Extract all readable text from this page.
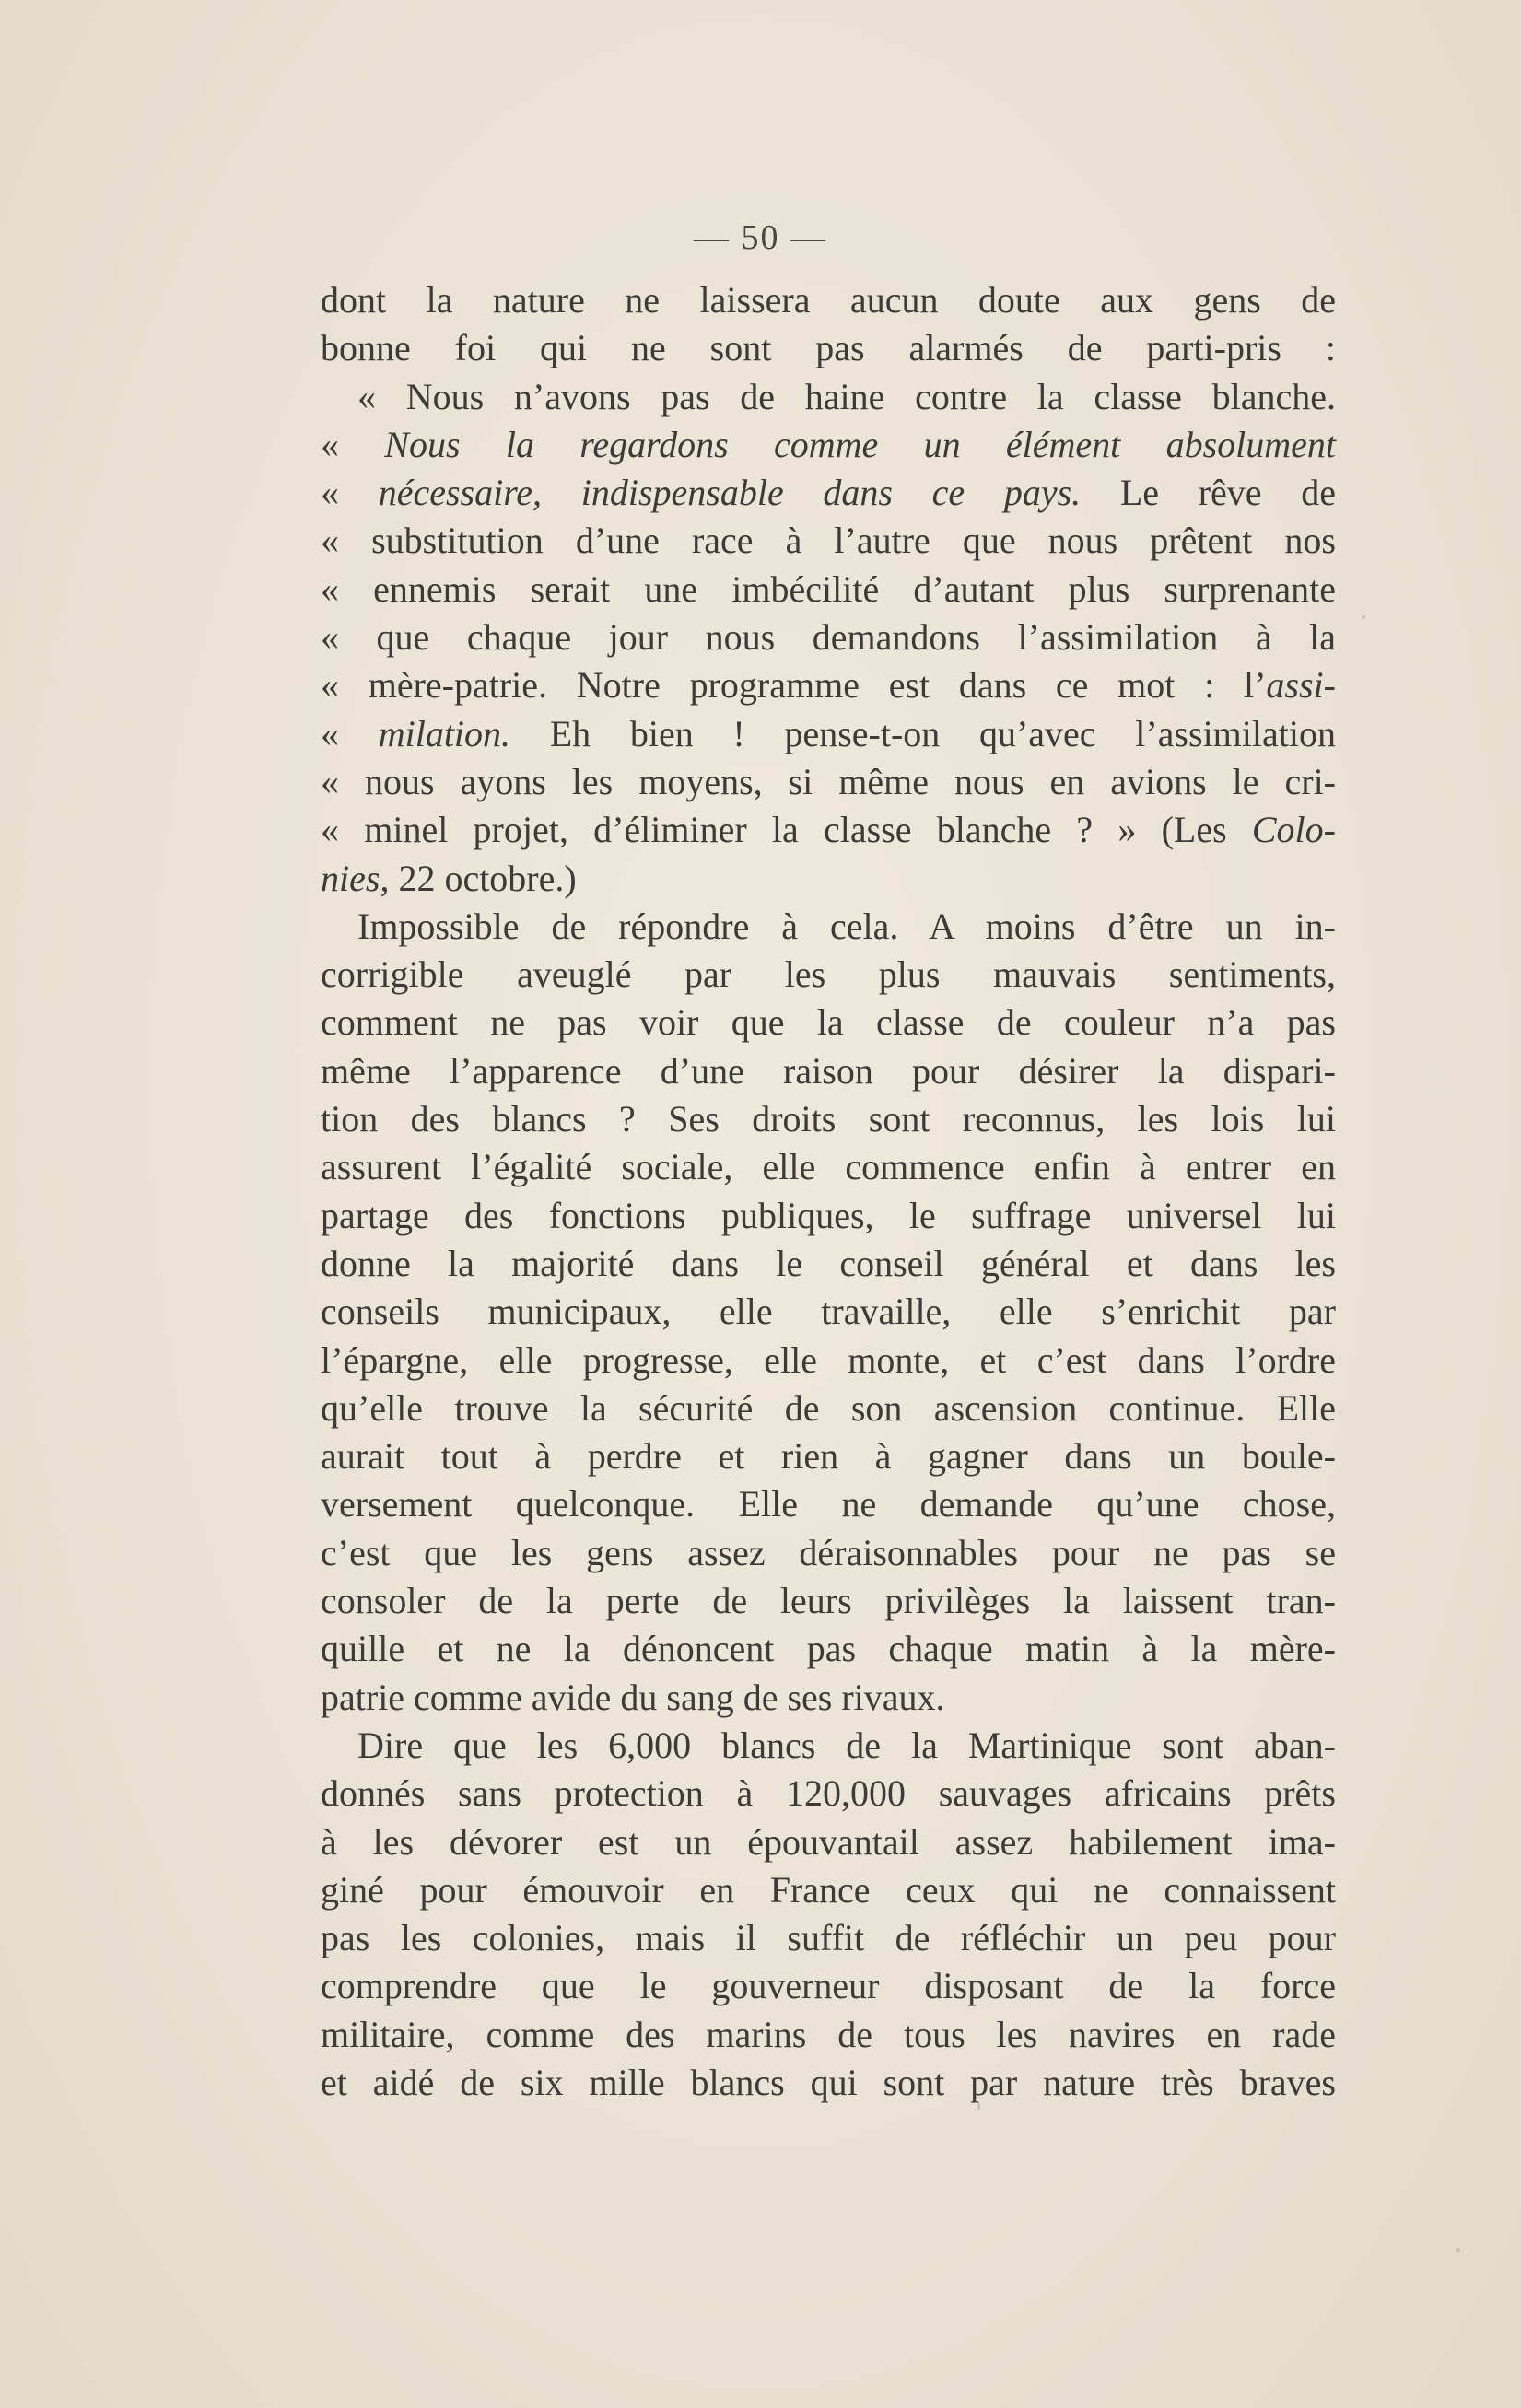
— 50 —
dont la nature ne laissera aucun doute aux gens de
bonne foi qui ne sont pas alarmés de parti-pris :
« Nous n’avons pas de haine contre la classe blanche.
« Nous la regardons comme un élément absolument
« nécessaire, indispensable dans ce pays. Le rêve de
« substitution d’une race à l’autre que nous prêtent nos
« ennemis serait une imbécilité d’autant plus surprenante
« que chaque jour nous demandons l’assimilation à la
« mère-patrie. Notre programme est dans ce mot : l’assi-
« milation. Eh bien ! pense-t-on qu’avec l’assimilation
« nous ayons les moyens, si même nous en avions le cri-
« minel projet, d’éliminer la classe blanche ? » (Les Colo-
nies, 22 octobre.)
Impossible de répondre à cela. A moins d’être un in-
corrigible aveuglé par les plus mauvais sentiments,
comment ne pas voir que la classe de couleur n’a pas
même l’apparence d’une raison pour désirer la dispari-
tion des blancs ? Ses droits sont reconnus, les lois lui
assurent l’égalité sociale, elle commence enfin à entrer en
partage des fonctions publiques, le suffrage universel lui
donne la majorité dans le conseil général et dans les
conseils municipaux, elle travaille, elle s’enrichit par
l’épargne, elle progresse, elle monte, et c’est dans l’ordre
qu’elle trouve la sécurité de son ascension continue. Elle
aurait tout à perdre et rien à gagner dans un boule-
versement quelconque. Elle ne demande qu’une chose,
c’est que les gens assez déraisonnables pour ne pas se
consoler de la perte de leurs privilèges la laissent tran-
quille et ne la dénoncent pas chaque matin à la mère-
patrie comme avide du sang de ses rivaux.
Dire que les 6,000 blancs de la Martinique sont aban-
donnés sans protection à 120,000 sauvages africains prêts
à les dévorer est un épouvantail assez habilement ima-
giné pour émouvoir en France ceux qui ne connaissent
pas les colonies, mais il suffit de réfléchir un peu pour
comprendre que le gouverneur disposant de la force
militaire, comme des marins de tous les navires en rade
et aidé de six mille blancs qui sont par nature très braves
